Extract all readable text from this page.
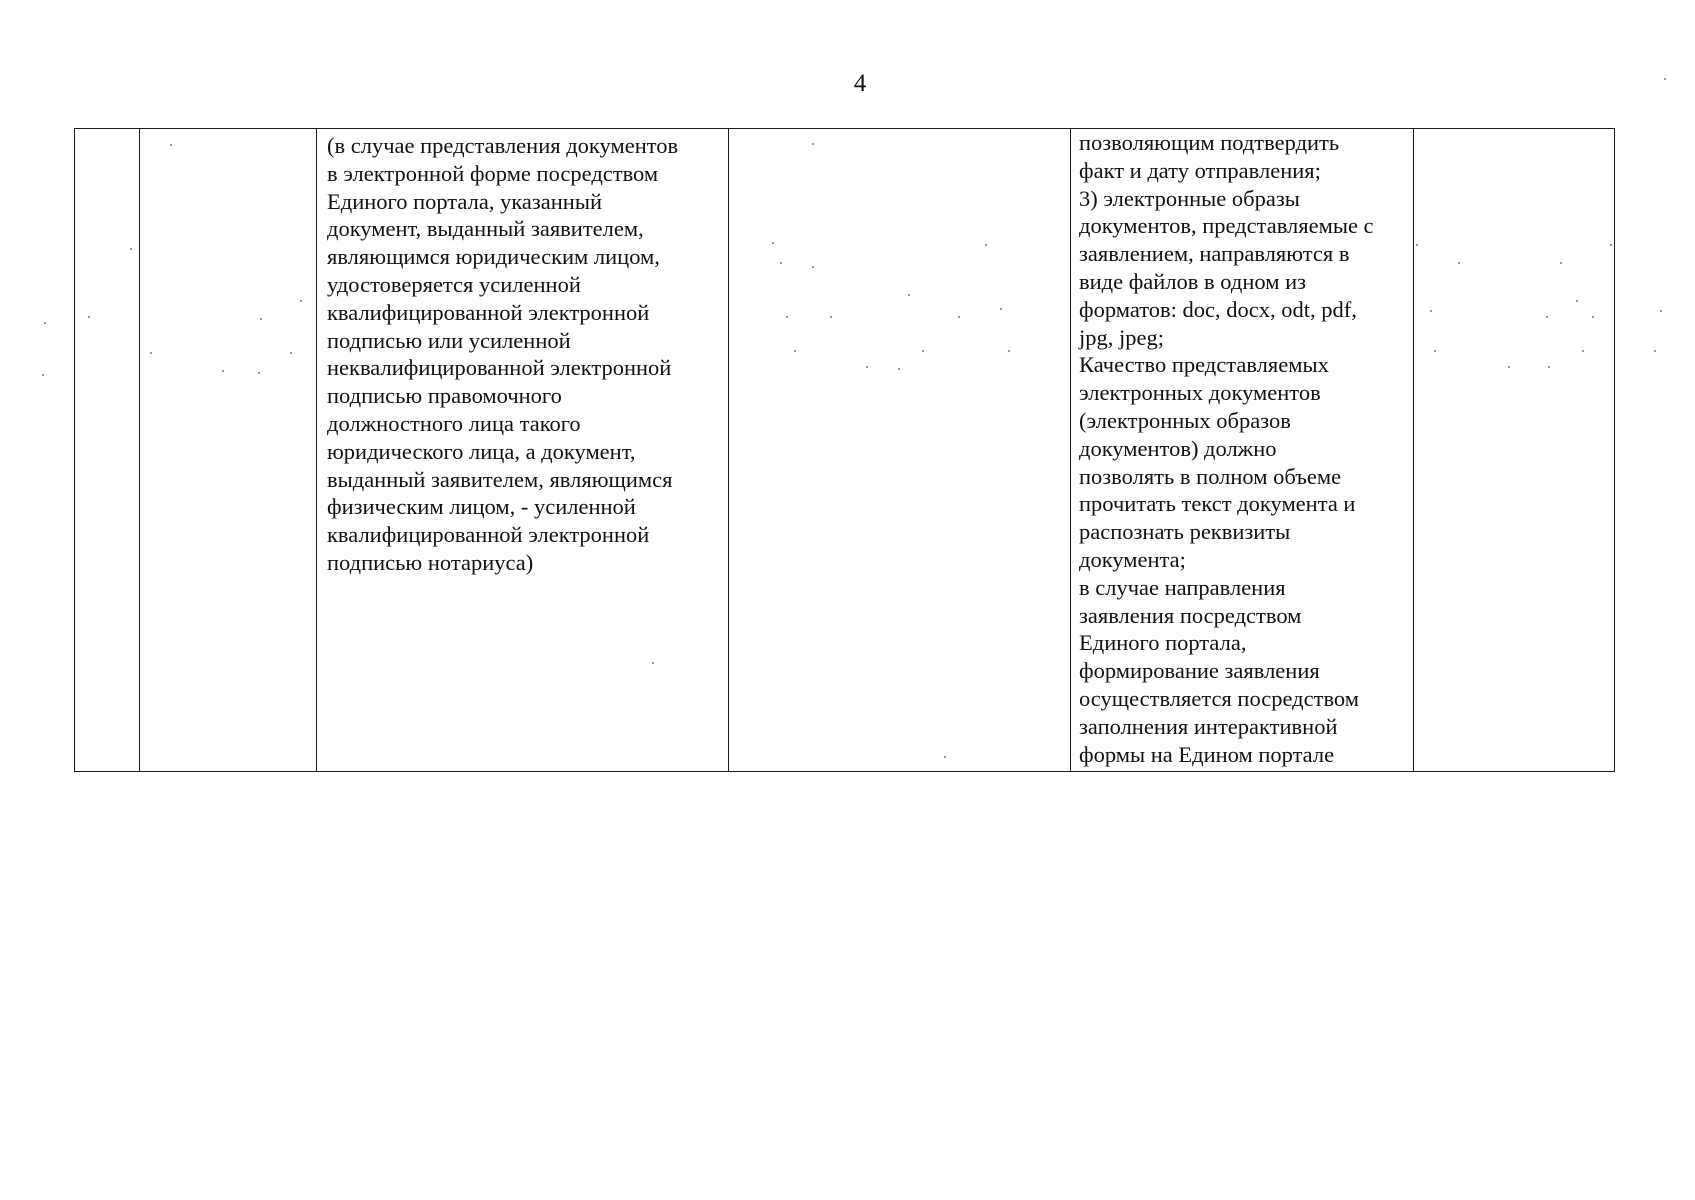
4

(в случае представления документов
в электронной форме посредством
Единого портала, указанный
документ, выданный заявителем,
являющимся юридическим лицом,
удостоверяется усиленной
квалифицированной электронной
подписью или усиленной
неквалифицированной электронной
подписью правомочного
должностного лица такого
юридического лица, а документ,
выданный заявителем, являющимся
физическим лицом, - усиленной
квалифицированной электронной
подписью нотариуса)

позволяющим подтвердить
факт и дату отправления;
3) электронные образы
документов, представляемые с
заявлением, направляются в
виде файлов в одном из
форматов: doc, docx, odt, pdf,
jpg, jpeg;
Качество представляемых
электронных документов
(электронных образов
документов) должно
позволять в полном объеме
прочитать текст документа и
распознать реквизиты
документа;
в случае направления
заявления посредством
Единого портала,
формирование заявления
осуществляется посредством
заполнения интерактивной
формы на Едином портале
